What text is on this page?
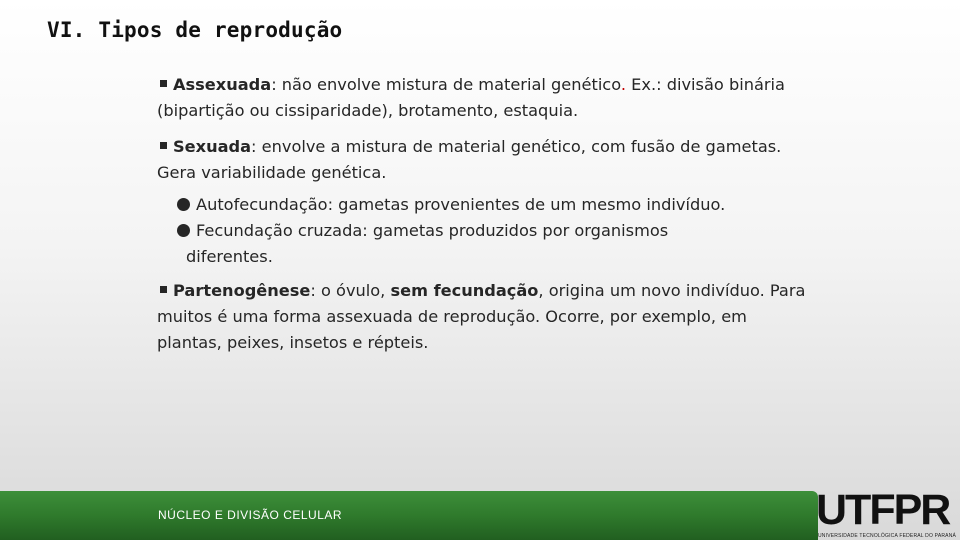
VI. Tipos de reprodução

Assexuada: não envolve mistura de material genético. Ex.: divisão binária (bipartição ou cissiparidade), brotamento, estaquia.

Sexuada: envolve a mistura de material genético, com fusão de gametas. Gera variabilidade genética.

Autofecundação: gametas provenientes de um mesmo indivíduo.
Fecundação cruzada: gametas produzidos por organismos
diferentes.

Partenogênese: o óvulo, sem fecundação, origina um novo indivíduo. Para muitos é uma forma assexuada de reprodução. Ocorre, por exemplo, em plantas, peixes, insetos e répteis.

NÚCLEO E DIVISÃO CELULAR	UTFPR
UNIVERSIDADE TECNOLÓGICA FEDERAL DO PARANÁ
